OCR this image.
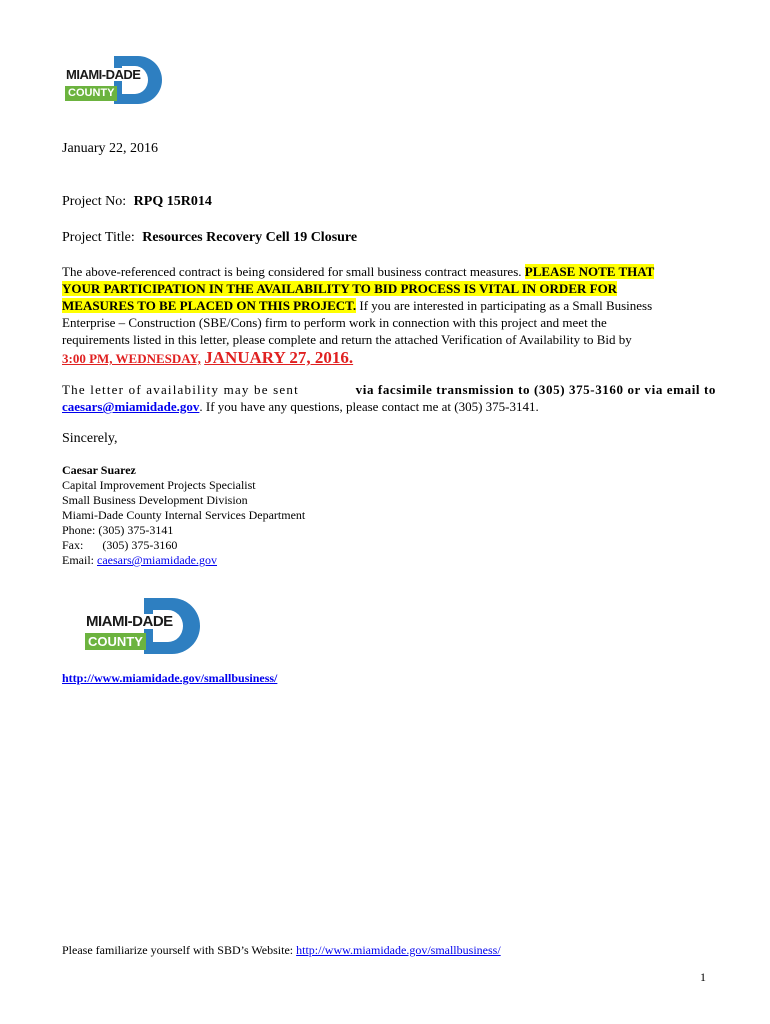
MIAMI-DADE
COUNTY
January 22, 2016
Project No: RPQ 15R014
Project Title: Resources Recovery Cell 19 Closure
The above-referenced contract is being considered for small business contract measures. PLEASE NOTE THAT
YOUR PARTICIPATION IN THE AVAILABILITY TO BID PROCESS IS VITAL IN ORDER FOR
MEASURES TO BE PLACED ON THIS PROJECT. If you are interested in participating as a Small Business
Enterprise – Construction (SBE/Cons) firm to perform work in connection with this project and meet the
requirements listed in this letter, please complete and return the attached Verification of Availability to Bid by
3:00 PM, WEDNESDAY, JANUARY 27, 2016.
The letter of availability may be sent	via facsimile transmission to (305) 375-3160 or via email to
caesars@miamidade.gov. If you have any questions, please contact me at (305) 375-3141.
Sincerely,
Caesar Suarez
Capital Improvement Projects Specialist
Small Business Development Division
Miami-Dade County Internal Services Department
Phone: (305) 375-3141
Fax: (305) 375-3160
Email: caesars@miamidade.gov
MIAMI-DADE
COUNTY
http://www.miamidade.gov/smallbusiness/
Please familiarize yourself with SBD’s Website: http://www.miamidade.gov/smallbusiness/
1
